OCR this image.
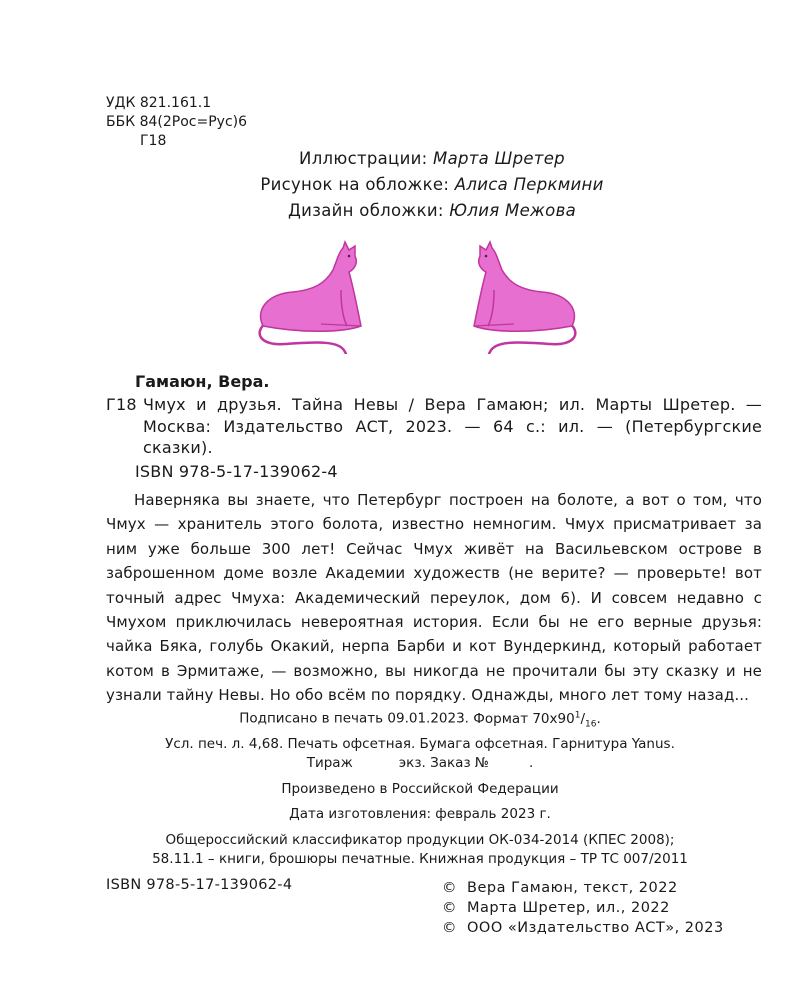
УДК 821.161.1
ББК 84(2Рос=Рус)6
Г18
Иллюстрации: Марта Шретер
Рисунок на обложке: Алиса Перкмини
Дизайн обложки: Юлия Межова
Гамаюн, Вера.
Г18 Чмух и друзья. Тайна Невы / Вера Гамаюн; ил. Марты Шретер. — Москва: Издательство АСТ, 2023. — 64 с.: ил. — (Петербургские сказки).
ISBN 978-5-17-139062-4

Наверняка вы знаете, что Петербург построен на болоте, а вот о том, что Чмух — хранитель этого болота, известно немногим. Чмух присматривает за ним уже больше 300 лет! Сейчас Чмух живёт на Васильевском острове в заброшенном доме возле Академии художеств (не верите? — проверьте! вот точный адрес Чмуха: Академический переулок, дом 6). И совсем недавно с Чмухом приключилась невероятная история. Если бы не его верные друзья: чайка Бяка, голубь Окакий, нерпа Барби и кот Вундеркинд, который работает котом в Эрмитаже, — возможно, вы никогда не прочитали бы эту сказку и не узнали тайну Невы. Но обо всём по порядку. Однажды, много лет тому назад...

Подписано в печать 09.01.2023. Формат $70x90^1/_{16}$.
Усл. печ. л. 4,68. Печать офсетная. Бумага офсетная. Гарнитура Yanus.
Тираж	экз. Заказ №	.
Произведено в Российской Федерации
Дата изготовления: февраль 2023 г.
Общероссийский классификатор продукции ОК-034-2014 (КПЕС 2008);
58.11.1 – книги, брошюры печатные. Книжная продукция – ТР ТС 007/2011
ISBN 978-5-17-139062-4	© Вера Гамаюн, текст, 2022
© Марта Шретер, ил., 2022
© ООО «Издательство АСТ», 2023
